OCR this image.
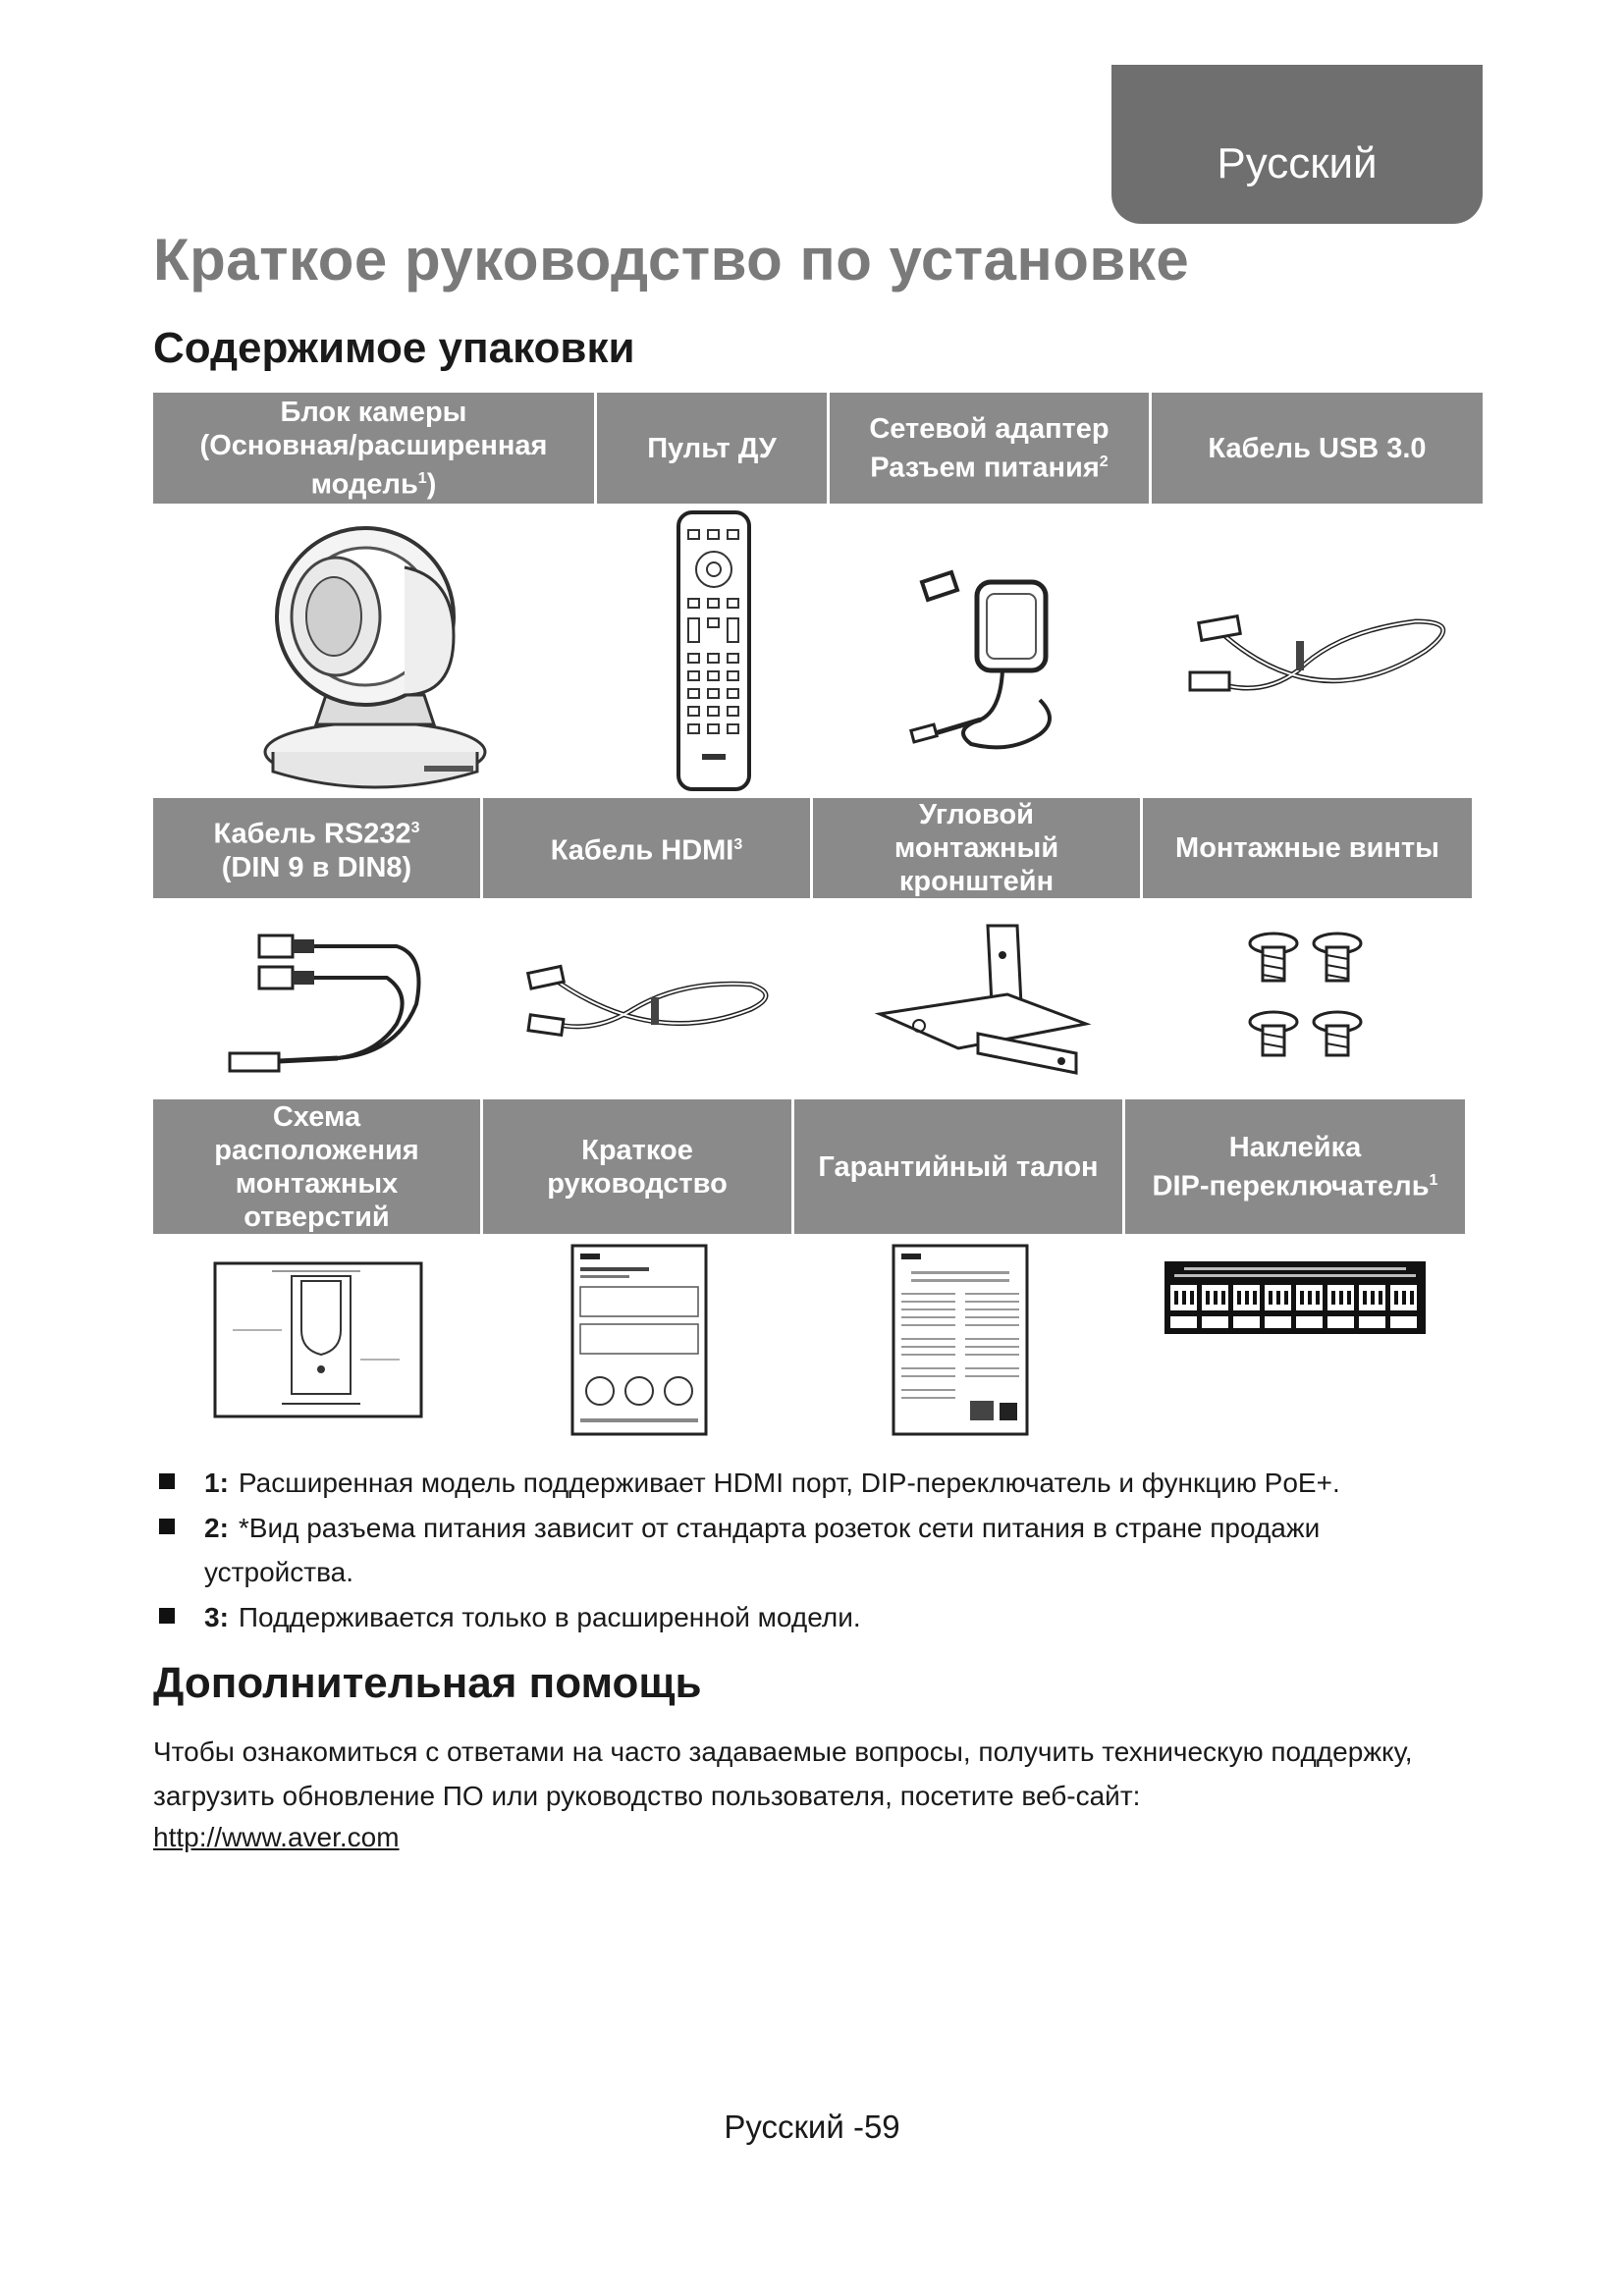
Русский
Краткое руководство по установке
Содержимое упаковки
Блок камеры
(Основная/расширенная
модель$^1$)
Пульт ДУ
Сетевой адаптер
Разъем питания$^2$	Кабель USB 3.0
Кабель $RS232^3$
(DIN 9 в DIN8)
Кабель HDMI$^3$
Угловой
монтажный
кронштейн
Монтажные винты
Схема
расположения
монтажных
отверстий
Краткое
руководство
Гарантийный талон
Наклейка
DIP-переключатель$^1$
1: Расширенная модель поддерживает HDMI порт, DIP-переключатель и функцию PoE+.
2: *Вид разъема питания зависит от стандарта розеток сети питания в стране продажи
устройства.
3: Поддерживается только в расширенной модели.
Дополнительная помощь

Чтобы ознакомиться с ответами на часто задаваемые вопросы, получить техническую поддержку, загрузить обновление ПО или руководство пользователя, посетите веб-сайт:

http://www.aver.com
Русский -59
